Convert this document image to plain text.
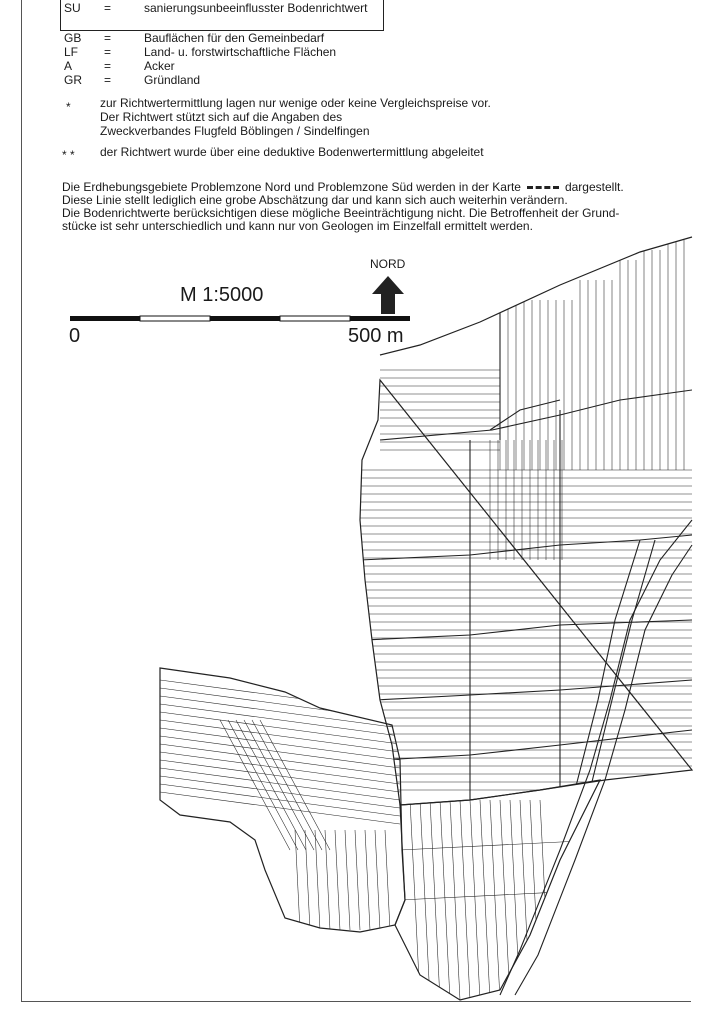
SU =	sanierungsunbeeinflusster Bodenrichtwert
GB =	Bauflächen für den Gemeinbedarf
LF =	Land- u. forstwirtschaftliche Flächen
A	=	Acker
GR =	Gründland
* zur Richtwertermittlung lagen nur wenige oder keine Vergleichspreise vor.
Der Richtwert stützt sich auf die Angaben des
Zweckverbandes Flugfeld Böblingen / Sindelfingen
* * der Richtwert wurde über eine deduktive Bodenwertermittlung abgeleitet
Die Erdhebungsgebiete Problemzone Nord und Problemzone Süd werden in der Karte	dargestellt.
Diese Linie stellt lediglich eine grobe Abschätzung dar und kann sich auch weiterhin verändern.
Die Bodenrichtwerte berücksichtigen diese mögliche Beeinträchtigung nicht. Die Betroffenheit der Grund-
stücke ist sehr unterschiedlich und kann nur von Geologen im Einzelfall ermittelt werden.
M 1:5000
0	500 m
NORD
